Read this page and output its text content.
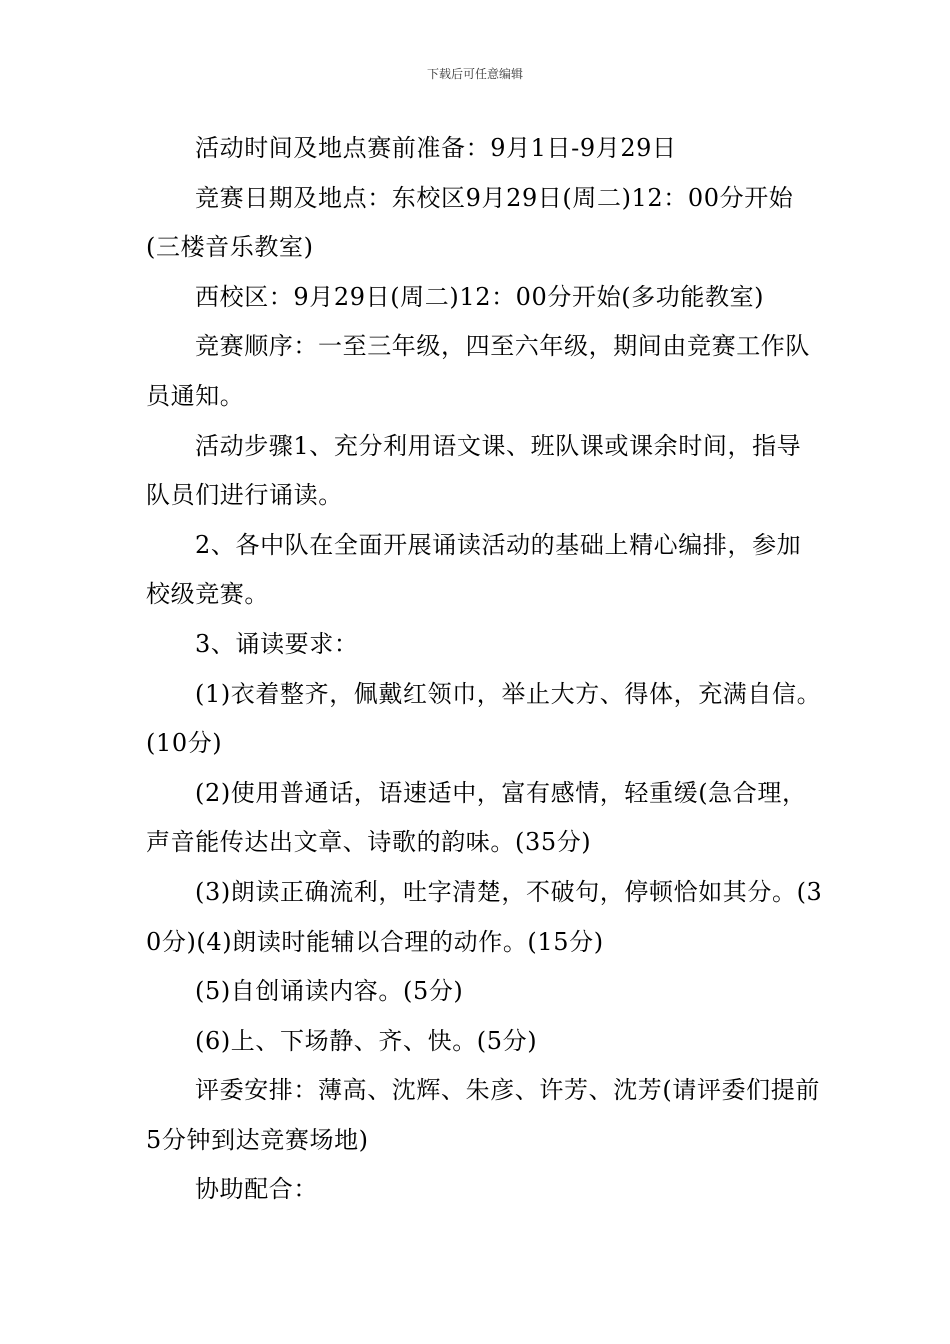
下载后可任意编辑

活动时间及地点赛前准备：9月1日-9月29日

竞赛日期及地点：东校区9月29日(周二)12：00分开始(三楼音乐教室)

西校区：9月29日(周二)12：00分开始(多功能教室)

竞赛顺序：一至三年级，四至六年级，期间由竞赛工作队员通知。

活动步骤1、充分利用语文课、班队课或课余时间，指导队员们进行诵读。

2、各中队在全面开展诵读活动的基础上精心编排，参加校级竞赛。

3、诵读要求：

(1)衣着整齐，佩戴红领巾，举止大方、得体，充满自信。(10分)

(2)使用普通话，语速适中，富有感情，轻重缓(急合理，声音能传达出文章、诗歌的韵味。(35分)

(3)朗读正确流利，吐字清楚，不破句，停顿恰如其分。(30分)(4)朗读时能辅以合理的动作。(15分)

(5)自创诵读内容。(5分)

(6)上、下场静、齐、快。(5分)

评委安排：薄高、沈辉、朱彦、许芳、沈芳(请评委们提前5分钟到达竞赛场地)

协助配合：
